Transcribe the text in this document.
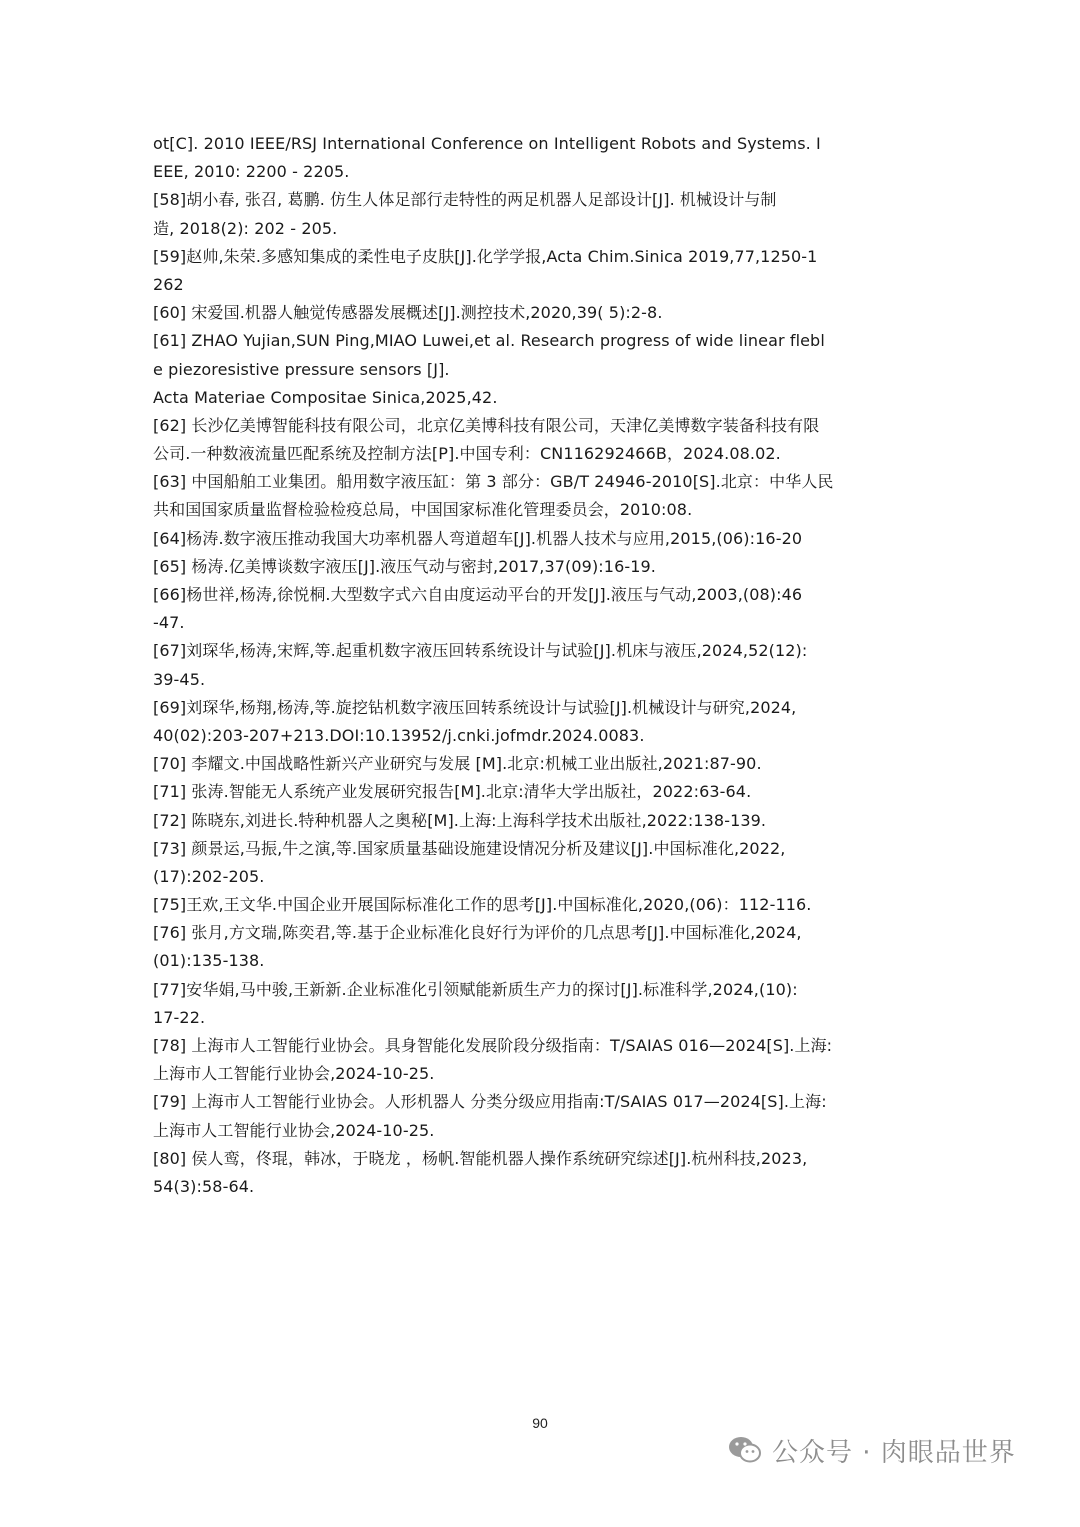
ot[C]. 2010 IEEE/RSJ International Conference on Intelligent Robots and Systems. I
EEE, 2010: 2200 - 2205.
[58]胡小春, 张召, 葛鹏. 仿生人体足部行走特性的两足机器人足部设计[J]. 机械设计与制
造, 2018(2): 202 - 205.
[59]赵帅,朱荣.多感知集成的柔性电子皮肤[J].化学学报,Acta Chim.Sinica 2019,77,1250-1
262
[60] 宋爱国.机器人触觉传感器发展概述[J].测控技术,2020,39( 5):2-8.
[61] ZHAO Yujian,SUN Ping,MIAO Luwei,et al. Research progress of wide linear flebl
e piezoresistive pressure sensors [J].
Acta Materiae Compositae Sinica,2025,42.
[62] 长沙亿美博智能科技有限公司，北京亿美博科技有限公司，天津亿美博数字装备科技有限
公司.一种数液流量匹配系统及控制方法[P].中国专利：CN116292466B，2024.08.02.
[63] 中国船舶工业集团。船用数字液压缸：第 3 部分：GB/T 24946-2010[S].北京：中华人民
共和国国家质量监督检验检疫总局，中国国家标准化管理委员会，2010:08.
[64]杨涛.数字液压推动我国大功率机器人弯道超车[J].机器人技术与应用,2015,(06):16-20
[65] 杨涛.亿美博谈数字液压[J].液压气动与密封,2017,37(09):16-19.
[66]杨世祥,杨涛,徐悦桐.大型数字式六自由度运动平台的开发[J].液压与气动,2003,(08):46
-47.
[67]刘琛华,杨涛,宋辉,等.起重机数字液压回转系统设计与试验[J].机床与液压,2024,52(12):
39-45.
[69]刘琛华,杨翔,杨涛,等.旋挖钻机数字液压回转系统设计与试验[J].机械设计与研究,2024,
40(02):203-207+213.DOI:10.13952/j.cnki.jofmdr.2024.0083.
[70] 李耀文.中国战略性新兴产业研究与发展 [M].北京:机械工业出版社,2021:87-90.
[71] 张涛.智能无人系统产业发展研究报告[M].北京:清华大学出版社，2022:63-64.
[72] 陈晓东,刘进长.特种机器人之奥秘[M].上海:上海科学技术出版社,2022:138-139.
[73] 颜景运,马振,牛之演,等.国家质量基础设施建设情况分析及建议[J].中国标准化,2022,
(17):202-205.
[75]王欢,王文华.中国企业开展国际标准化工作的思考[J].中国标准化,2020,(06)：112-116.
[76] 张月,方文瑞,陈奕君,等.基于企业标准化良好行为评价的几点思考[J].中国标准化,2024,
(01):135-138.
[77]安华娟,马中骏,王新新.企业标准化引领赋能新质生产力的探讨[J].标准科学,2024,(10):
17-22.
[78] 上海市人工智能行业协会。具身智能化发展阶段分级指南：T/SAIAS 016—2024[S].上海:
上海市人工智能行业协会,2024-10-25.
[79] 上海市人工智能行业协会。人形机器人 分类分级应用指南:T/SAIAS 017—2024[S].上海:
上海市人工智能行业协会,2024-10-25.
[80] 侯人鸾，佟琨，韩冰，于晓龙 ，杨帆.智能机器人操作系统研究综述[J].杭州科技,2023,
54(3):58-64.
90
公众号 · 肉眼品世界
